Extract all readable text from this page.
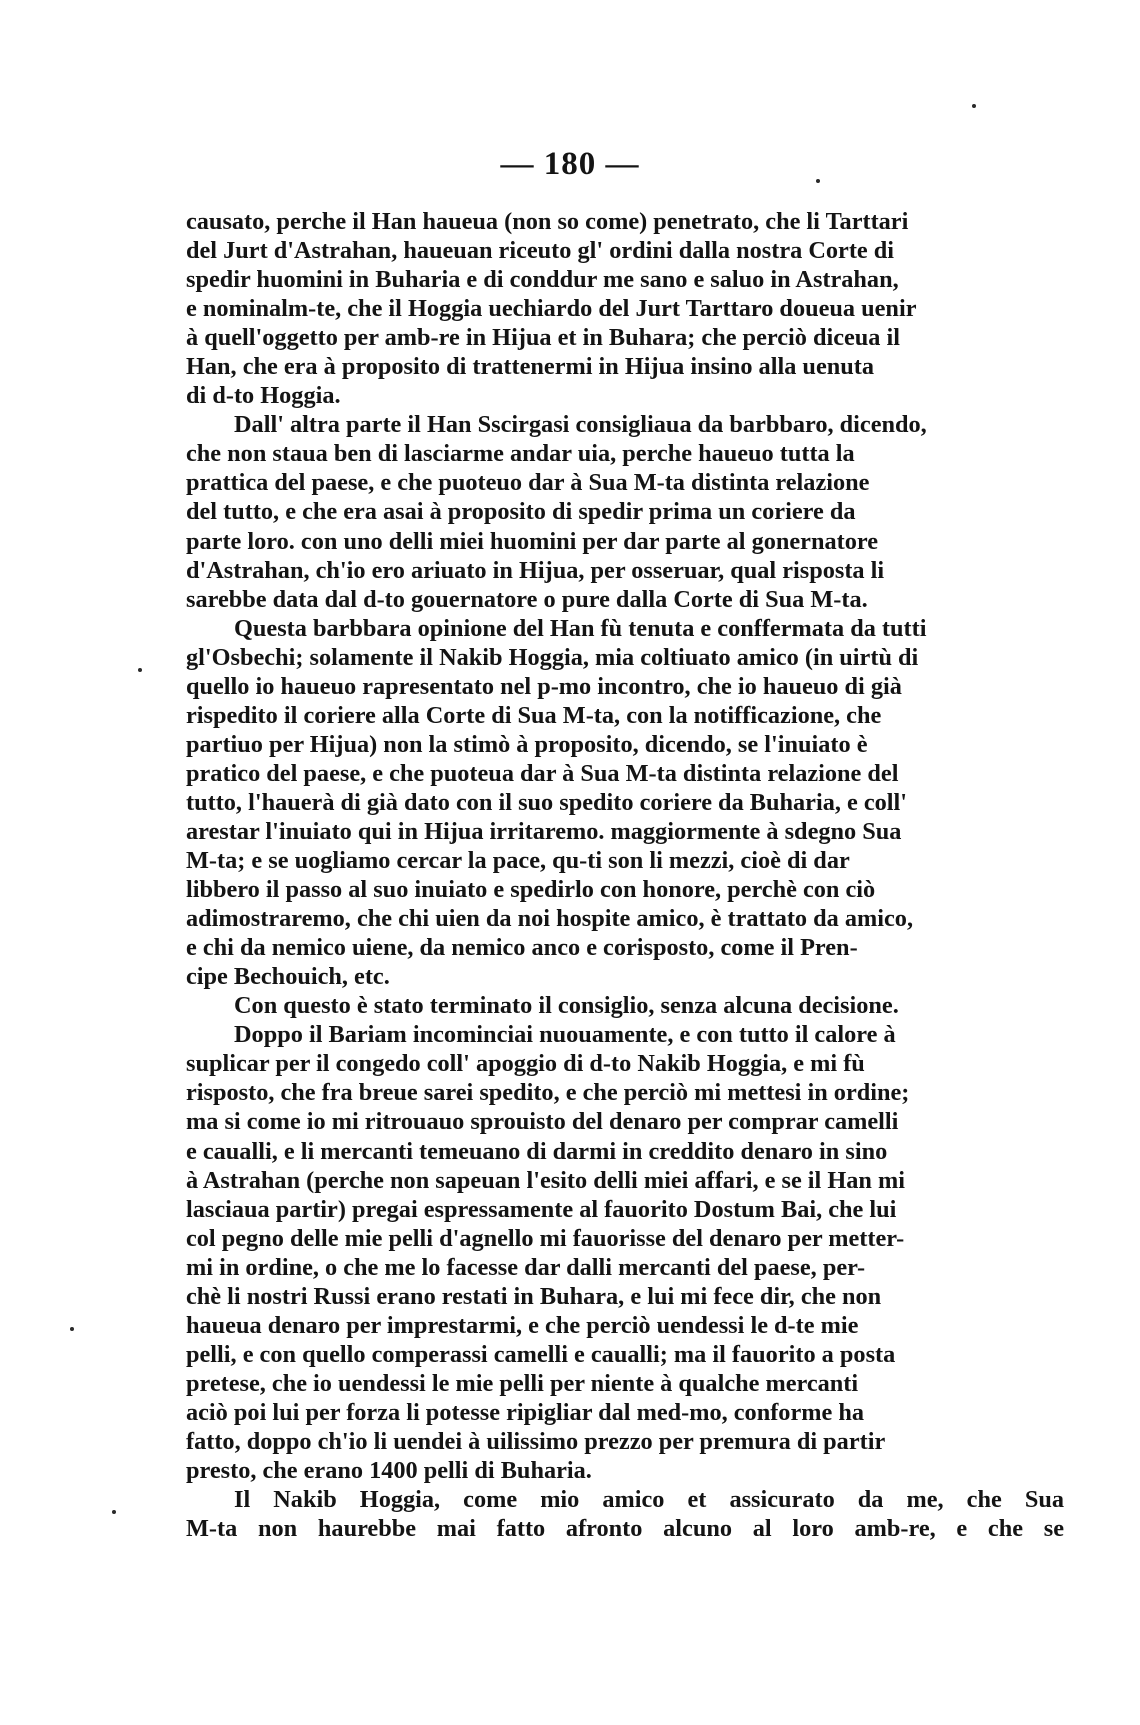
— 180 —

causato, perche il Han haueua (non so come) penetrato, che li Tarttari
del Jurt d'Astrahan, haueuan riceuto gl' ordini dalla nostra Corte di
spedir huomini in Buharia e di conddur me sano e saluo in Astrahan,
e nominalm-te, che il Hoggia uechiardo del Jurt Tarttaro doueua uenir
à quell'oggetto per amb-re in Hijua et in Buhara; che perciò diceua il
Han, che era à proposito di trattenermi in Hijua insino alla uenuta
di d-to Hoggia.

Dall' altra parte il Han Sscirgasi consigliaua da barbbaro, dicendo,
che non staua ben di lasciarme andar uia, perche haueuo tutta la
prattica del paese, e che puoteuo dar à Sua M-ta distinta relazione
del tutto, e che era asai à proposito di spedir prima un coriere da
parte loro. con uno delli miei huomini per dar parte al gonernatore
d'Astrahan, ch'io ero ariuato in Hijua, per osseruar, qual risposta li
sarebbe data dal d-to gouernatore o pure dalla Corte di Sua M-ta.

Questa barbbara opinione del Han fù tenuta e conffermata da tutti
gl'Osbechi; solamente il Nakib Hoggia, mia coltiuato amico (in uirtù di
quello io haueuo rapresentato nel p-mo incontro, che io haueuo di già
rispedito il coriere alla Corte di Sua M-ta, con la notifficazione, che
partiuo per Hijua) non la stimò à proposito, dicendo, se l'inuiato è
pratico del paese, e che puoteua dar à Sua M-ta distinta relazione del
tutto, l'hauerà di già dato con il suo spedito coriere da Buharia, e coll'
arestar l'inuiato qui in Hijua irritaremo. maggiormente à sdegno Sua
M-ta; e se uogliamo cercar la pace, qu-ti son li mezzi, cioè di dar
libbero il passo al suo inuiato e spedirlo con honore, perchè con ciò
adimostraremo, che chi uien da noi hospite amico, è trattato da amico,
e chi da nemico uiene, da nemico anco e corisposto, come il Pren-
cipe Bechouich, etc.

Con questo è stato terminato il consiglio, senza alcuna decisione.

Doppo il Bariam incominciai nuouamente, e con tutto il calore à
suplicar per il congedo coll' apoggio di d-to Nakib Hoggia, e mi fù
risposto, che fra breue sarei spedito, e che perciò mi mettesi in ordine;
ma si come io mi ritrouauo sprouisto del denaro per comprar camelli
e caualli, e li mercanti temeuano di darmi in creddito denaro in sino
à Astrahan (perche non sapeuan l'esito delli miei affari, e se il Han mi
lasciaua partir) pregai espressamente al fauorito Dostum Bai, che lui
col pegno delle mie pelli d'agnello mi fauorisse del denaro per metter-
mi in ordine, o che me lo facesse dar dalli mercanti del paese, per-
chè li nostri Russi erano restati in Buhara, e lui mi fece dir, che non
haueua denaro per imprestarmi, e che perciò uendessi le d-te mie
pelli, e con quello comperassi camelli e caualli; ma il fauorito a posta
pretese, che io uendessi le mie pelli per niente à qualche mercanti
aciò poi lui per forza li potesse ripigliar dal med-mo, conforme ha
fatto, doppo ch'io li uendei à uilissimo prezzo per premura di partir
presto, che erano 1400 pelli di Buharia.

Il Nakib Hoggia, come mio amico et assicurato da me, che Sua
M-ta non haurebbe mai fatto afronto alcuno al loro amb-re, e che se
